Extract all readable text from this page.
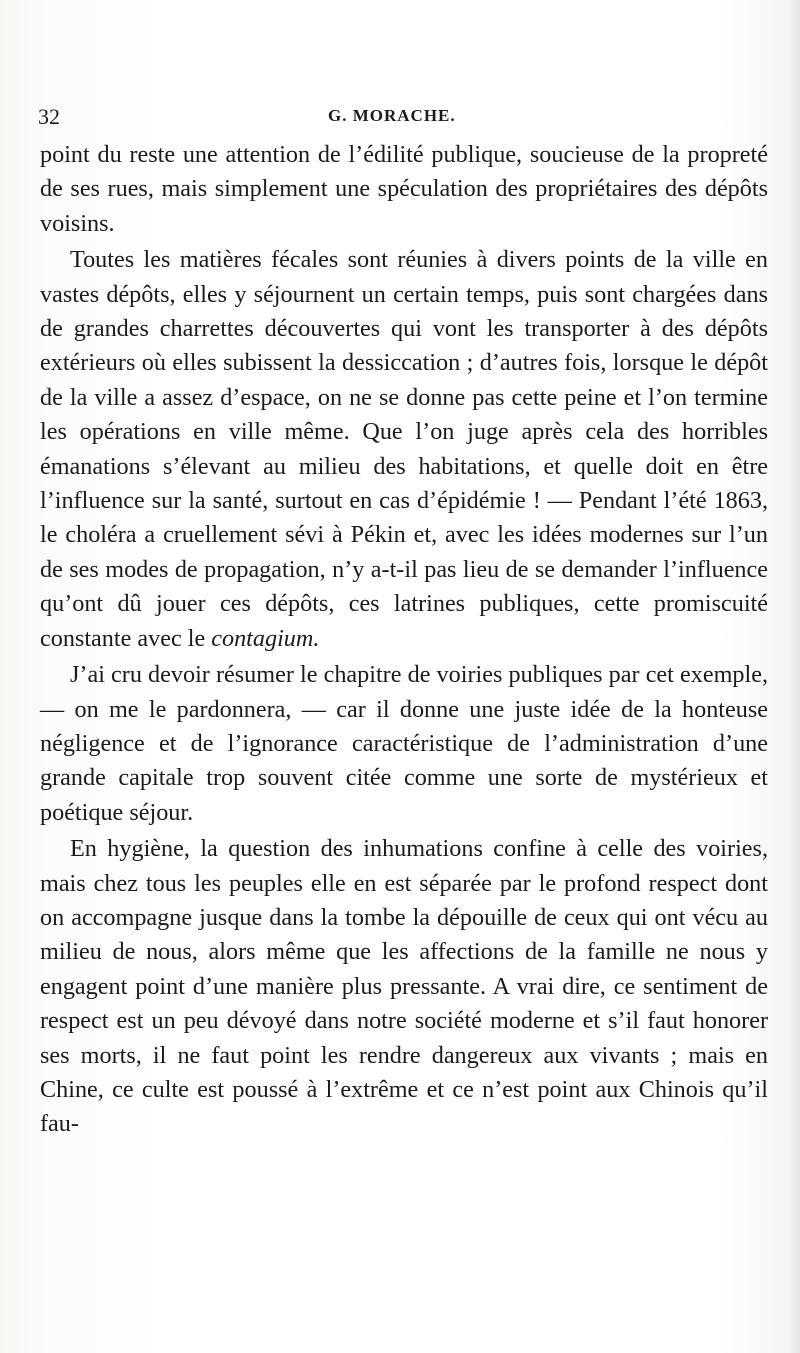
32	G. MORACHE.

point du reste une attention de l’édilité publique, soucieuse de la propreté de ses rues, mais simplement une spéculation des propriétaires des dépôts voisins.

Toutes les matières fécales sont réunies à divers points de la ville en vastes dépôts, elles y séjournent un certain temps, puis sont chargées dans de grandes charrettes découvertes qui vont les transporter à des dépôts extérieurs où elles subissent la dessiccation ; d’autres fois, lorsque le dépôt de la ville a assez d’espace, on ne se donne pas cette peine et l’on termine les opérations en ville même. Que l’on juge après cela des horribles émanations s’élevant au milieu des habitations, et quelle doit en être l’influence sur la santé, surtout en cas d’épidémie ! — Pendant l’été 1863, le choléra a cruellement sévi à Pékin et, avec les idées modernes sur l’un de ses modes de propagation, n’y a-t-il pas lieu de se demander l’influence qu’ont dû jouer ces dépôts, ces latrines publiques, cette promiscuité constante avec le contagium.

J’ai cru devoir résumer le chapitre de voiries publiques par cet exemple, — on me le pardonnera, — car il donne une juste idée de la honteuse négligence et de l’ignorance caractéristique de l’administration d’une grande capitale trop souvent citée comme une sorte de mystérieux et poétique séjour.

En hygiène, la question des inhumations confine à celle des voiries, mais chez tous les peuples elle en est séparée par le profond respect dont on accompagne jusque dans la tombe la dépouille de ceux qui ont vécu au milieu de nous, alors même que les affections de la famille ne nous y engagent point d’une manière plus pressante. A vrai dire, ce sentiment de respect est un peu dévoyé dans notre société moderne et s’il faut honorer ses morts, il ne faut point les rendre dangereux aux vivants ; mais en Chine, ce culte est poussé à l’extrême et ce n’est point aux Chinois qu’il fau-
